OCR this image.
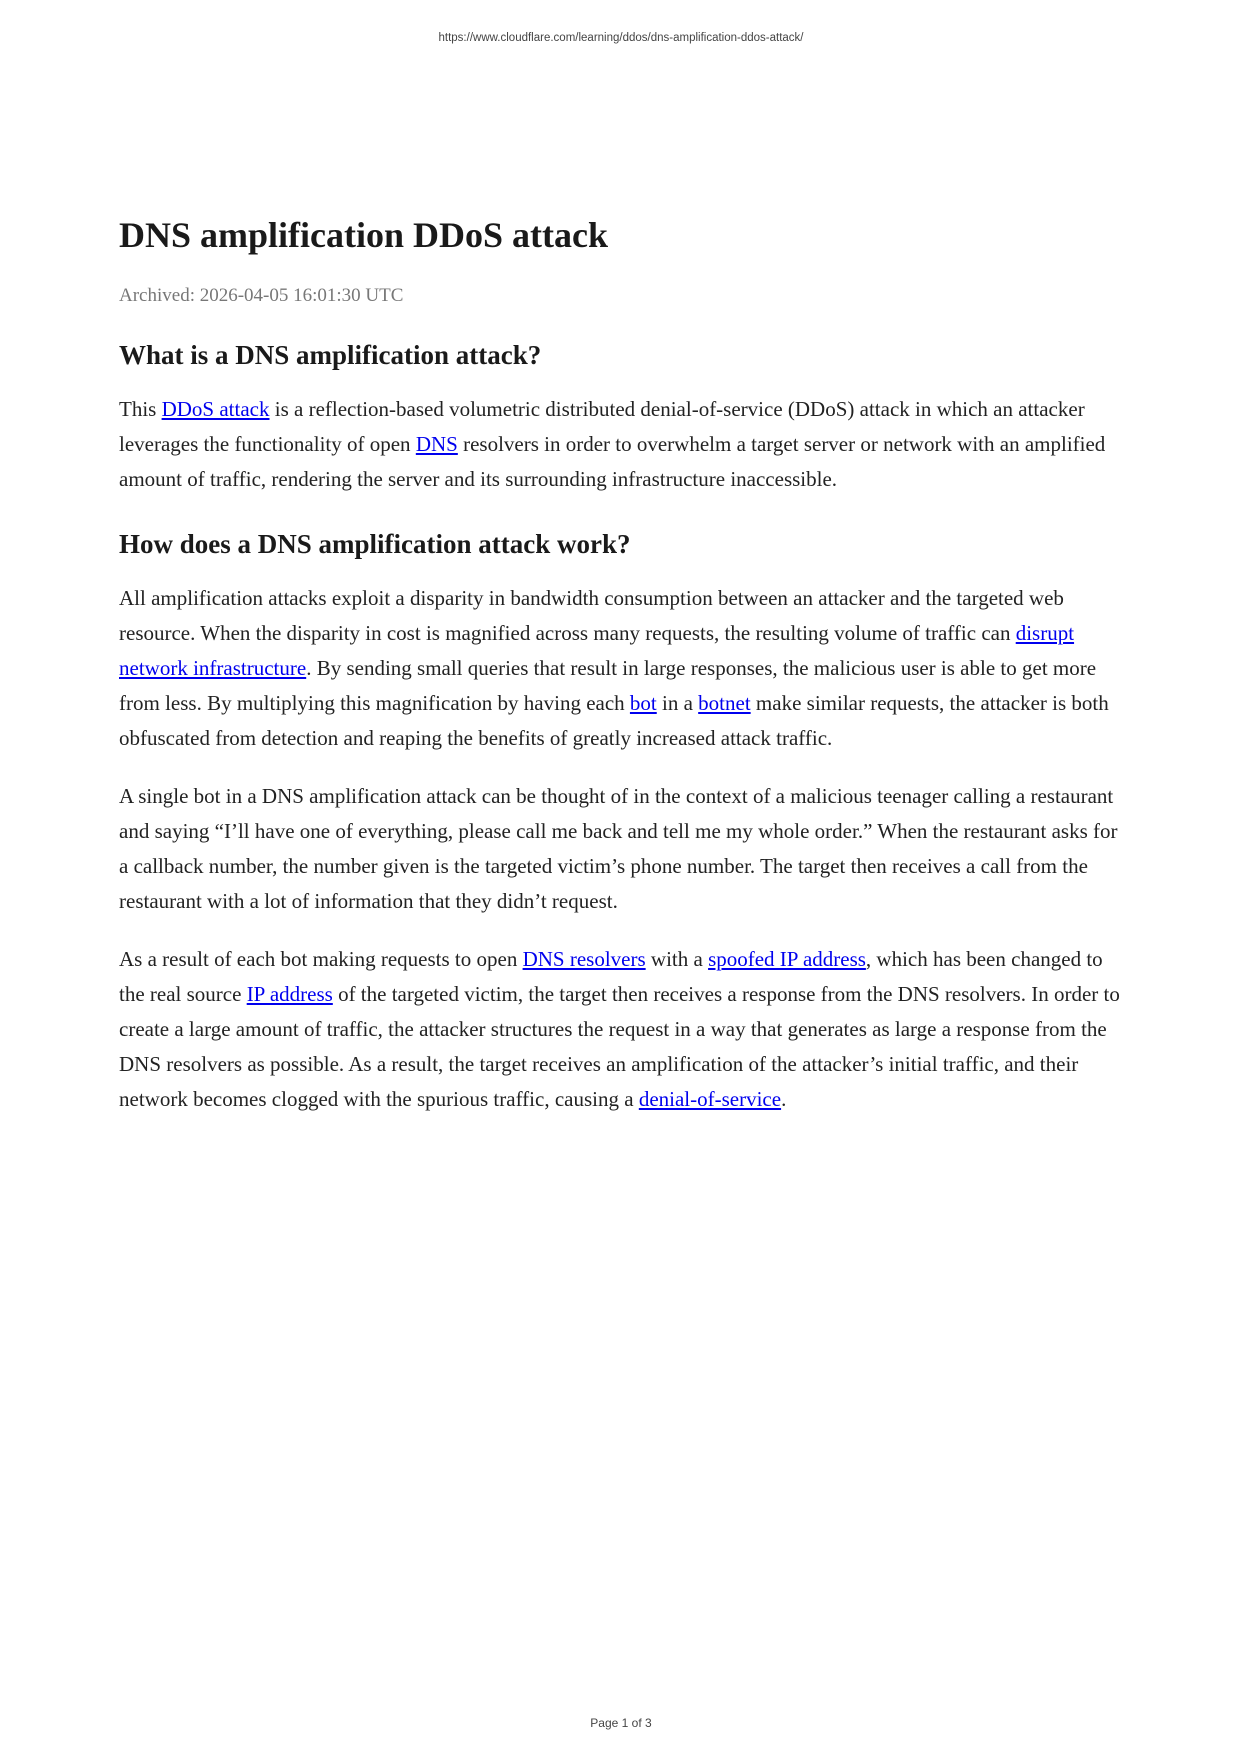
https://www.cloudflare.com/learning/ddos/dns-amplification-ddos-attack/
DNS amplification DDoS attack
Archived: 2026-04-05 16:01:30 UTC
What is a DNS amplification attack?

This DDoS attack is a reflection-based volumetric distributed denial-of-service (DDoS) attack in which an attacker leverages the functionality of open DNS resolvers in order to overwhelm a target server or network with an amplified amount of traffic, rendering the server and its surrounding infrastructure inaccessible.

How does a DNS amplification attack work?

All amplification attacks exploit a disparity in bandwidth consumption between an attacker and the targeted web resource. When the disparity in cost is magnified across many requests, the resulting volume of traffic can disrupt network infrastructure. By sending small queries that result in large responses, the malicious user is able to get more from less. By multiplying this magnification by having each bot in a botnet make similar requests, the attacker is both obfuscated from detection and reaping the benefits of greatly increased attack traffic.

A single bot in a DNS amplification attack can be thought of in the context of a malicious teenager calling a restaurant and saying “I’ll have one of everything, please call me back and tell me my whole order.” When the restaurant asks for a callback number, the number given is the targeted victim’s phone number. The target then receives a call from the restaurant with a lot of information that they didn’t request.

As a result of each bot making requests to open DNS resolvers with a spoofed IP address, which has been changed to the real source IP address of the targeted victim, the target then receives a response from the DNS resolvers. In order to create a large amount of traffic, the attacker structures the request in a way that generates as large a response from the DNS resolvers as possible. As a result, the target receives an amplification of the attacker’s initial traffic, and their network becomes clogged with the spurious traffic, causing a denial-of-service.

Page 1 of 3
